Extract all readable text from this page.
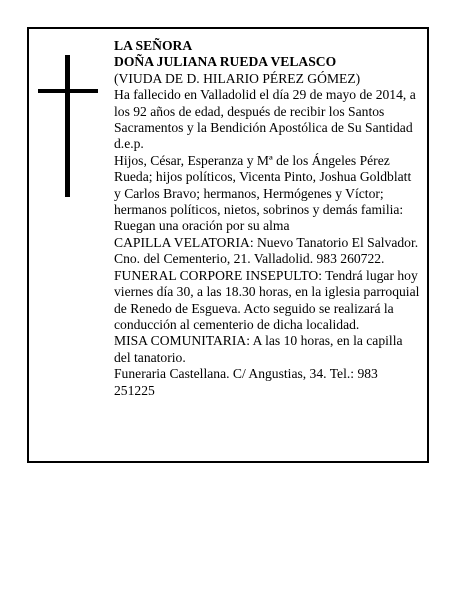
LA SEÑORA

DOÑA JULIANA RUEDA VELASCO

(VIUDA DE D. HILARIO PÉREZ GÓMEZ)

Ha fallecido en Valladolid el día 29 de mayo de 2014, a los 92 años de edad, después de recibir los Santos Sacramentos y la Bendición Apostólica de Su Santidad

d.e.p.

Hijos, César, Esperanza y Mª de los Ángeles Pérez Rueda; hijos políticos, Vicenta Pinto, Joshua Goldblatt y Carlos Bravo; hermanos, Hermógenes y Víctor; hermanos políticos, nietos, sobrinos y demás familia:

Ruegan una oración por su alma

CAPILLA VELATORIA: Nuevo Tanatorio El Salvador. Cno. del Cementerio, 21. Valladolid. 983 260722.

FUNERAL CORPORE INSEPULTO: Tendrá lugar hoy viernes día 30, a las 18.30 horas, en la iglesia parroquial de Renedo de Esgueva. Acto seguido se realizará la conducción al cementerio de dicha localidad.

MISA COMUNITARIA: A las 10 horas, en la capilla del tanatorio.

Funeraria Castellana. C/ Angustias, 34. Tel.: 983 251225
